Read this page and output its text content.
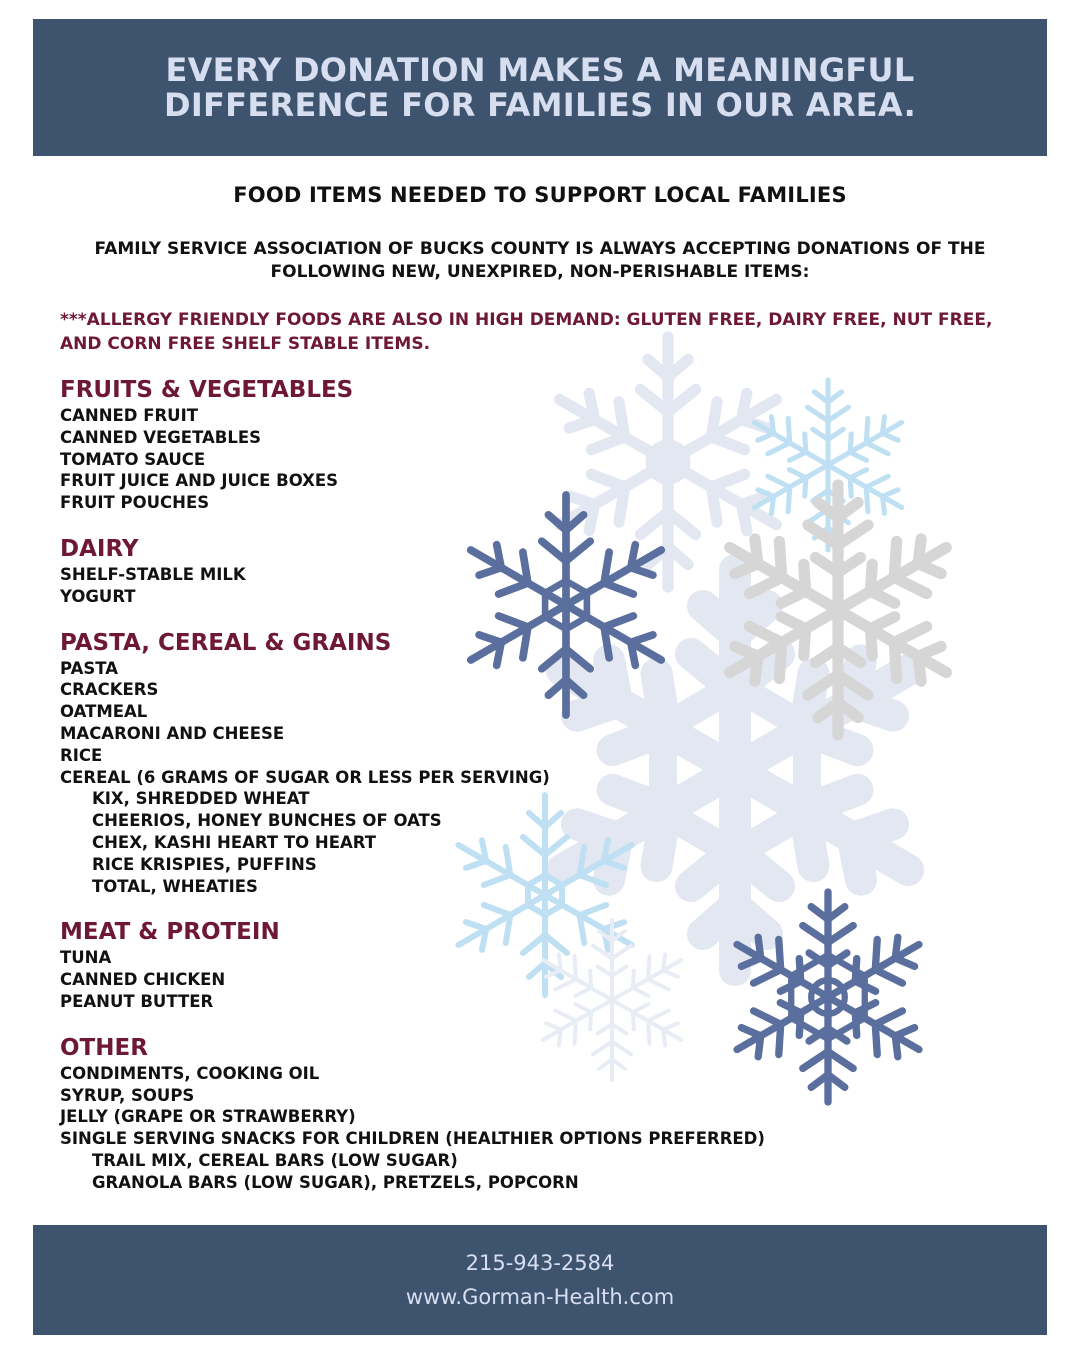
EVERY DONATION MAKES A MEANINGFUL DIFFERENCE FOR FAMILIES IN OUR AREA.
FOOD ITEMS NEEDED TO SUPPORT LOCAL FAMILIES
FAMILY SERVICE ASSOCIATION OF BUCKS COUNTY IS ALWAYS ACCEPTING DONATIONS OF THE FOLLOWING NEW, UNEXPIRED, NON-PERISHABLE ITEMS:
***ALLERGY FRIENDLY FOODS ARE ALSO IN HIGH DEMAND: GLUTEN FREE, DAIRY FREE, NUT FREE, AND CORN FREE SHELF STABLE ITEMS.
FRUITS & VEGETABLES
CANNED FRUIT
CANNED VEGETABLES
TOMATO SAUCE
FRUIT JUICE AND JUICE BOXES
FRUIT POUCHES
DAIRY
SHELF-STABLE MILK
YOGURT
PASTA, CEREAL & GRAINS
PASTA
CRACKERS
OATMEAL
MACARONI AND CHEESE
RICE
CEREAL (6 GRAMS OF SUGAR OR LESS PER SERVING)
KIX, SHREDDED WHEAT
CHEERIOS, HONEY BUNCHES OF OATS
CHEX, KASHI HEART TO HEART
RICE KRISPIES, PUFFINS
TOTAL, WHEATIES
MEAT & PROTEIN
TUNA
CANNED CHICKEN
PEANUT BUTTER
OTHER
CONDIMENTS, COOKING OIL
SYRUP, SOUPS
JELLY (GRAPE OR STRAWBERRY)
SINGLE SERVING SNACKS FOR CHILDREN (HEALTHIER OPTIONS PREFERRED)
TRAIL MIX, CEREAL BARS (LOW SUGAR)
GRANOLA BARS (LOW SUGAR), PRETZELS, POPCORN
215-943-2584
www.Gorman-Health.com
